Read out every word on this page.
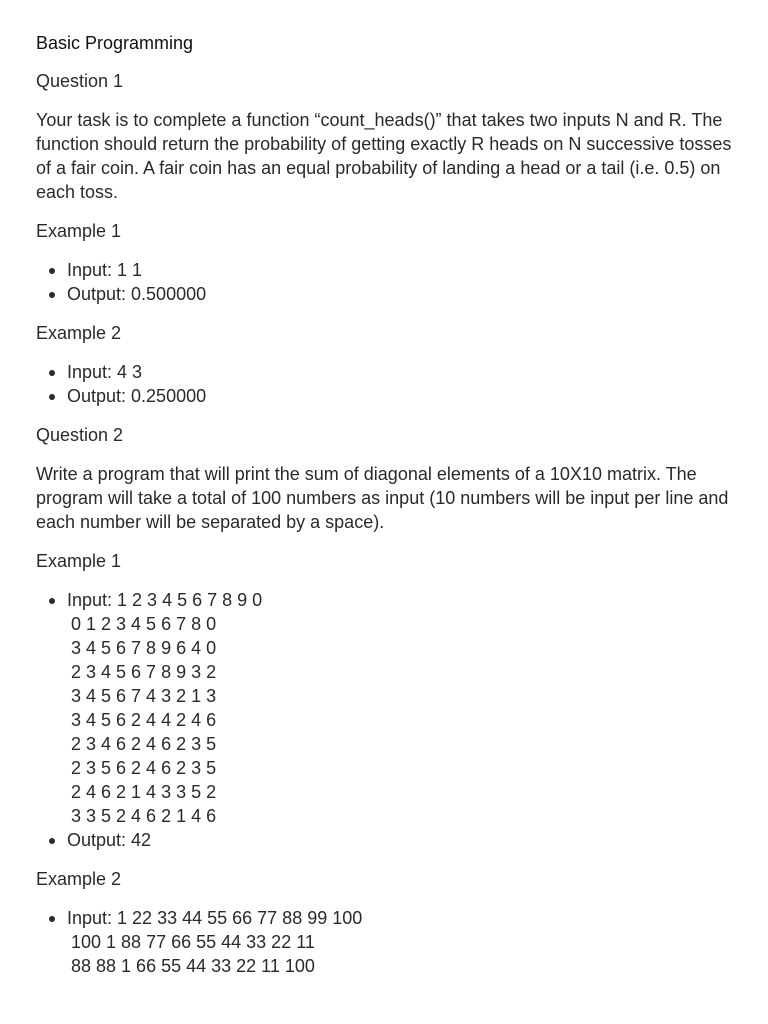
Basic Programming
Question 1
Your task is to complete a function “count_heads()” that takes two inputs N and R. The function should return the probability of getting exactly R heads on N successive tosses of a fair coin. A fair coin has an equal probability of landing a head or a tail (i.e. 0.5) on each toss.
Example 1
Input: 1 1
Output: 0.500000
Example 2
Input: 4 3
Output: 0.250000
Question 2
Write a program that will print the sum of diagonal elements of a 10X10 matrix. The program will take a total of 100 numbers as input (10 numbers will be input per line and each number will be separated by a space).
Example 1
Input: 1 2 3 4 5 6 7 8 9 0
0 1 2 3 4 5 6 7 8 0
3 4 5 6 7 8 9 6 4 0
2 3 4 5 6 7 8 9 3 2
3 4 5 6 7 4 3 2 1 3
3 4 5 6 2 4 4 2 4 6
2 3 4 6 2 4 6 2 3 5
2 3 5 6 2 4 6 2 3 5
2 4 6 2 1 4 3 3 5 2
3 3 5 2 4 6 2 1 4 6
Output: 42
Example 2
Input: 1 22 33 44 55 66 77 88 99 100
100 1 88 77 66 55 44 33 22 11
88 88 1 66 55 44 33 22 11 100
